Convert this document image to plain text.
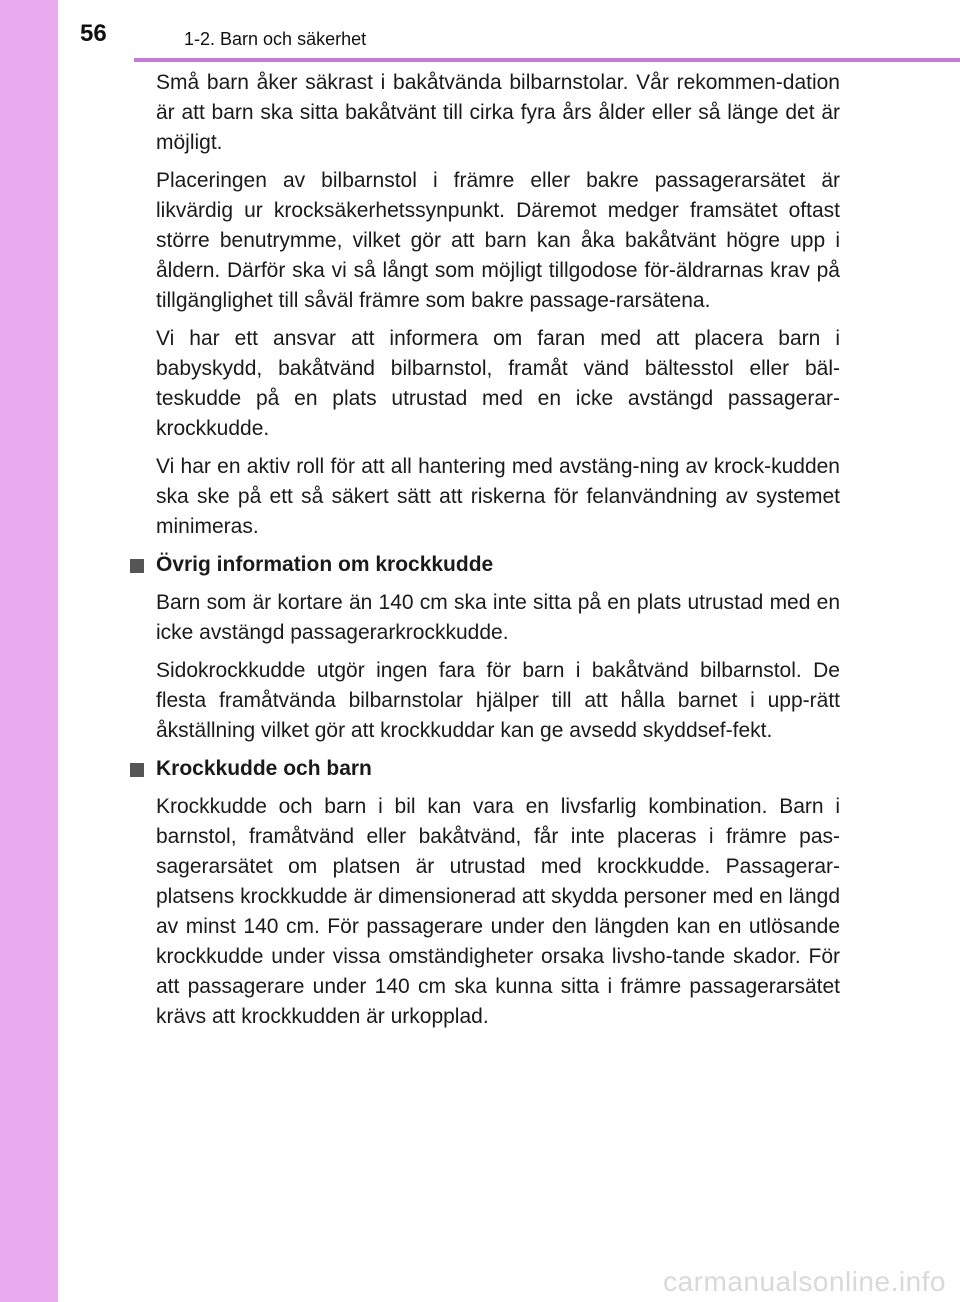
56	1-2. Barn och säkerhet

Små barn åker säkrast i bakåtvända bilbarnstolar. Vår rekommen-dation är att barn ska sitta bakåtvänt till cirka fyra års ålder eller så länge det är möjligt.

Placeringen av bilbarnstol i främre eller bakre passagerarsätet är likvärdig ur krocksäkerhetssynpunkt. Däremot medger framsätet oftast större benutrymme, vilket gör att barn kan åka bakåtvänt högre upp i åldern. Därför ska vi så långt som möjligt tillgodose för-äldrarnas krav på tillgänglighet till såväl främre som bakre passage-rarsätena.

Vi har ett ansvar att informera om faran med att placera barn i babyskydd, bakåtvänd bilbarnstol, framåt vänd bältesstol eller bäl-teskudde på en plats utrustad med en icke avstängd passagerar-krockkudde.

Vi har en aktiv roll för att all hantering med avstäng-ning av krock-kudden ska ske på ett så säkert sätt att riskerna för felanvändning av systemet minimeras.

Övrig information om krockkudde

Barn som är kortare än 140 cm ska inte sitta på en plats utrustad med en icke avstängd passagerarkrockkudde.

Sidokrockkudde utgör ingen fara för barn i bakåtvänd bilbarnstol. De flesta framåtvända bilbarnstolar hjälper till att hålla barnet i upp-rätt åkställning vilket gör att krockkuddar kan ge avsedd skyddsef-fekt.

Krockkudde och barn

Krockkudde och barn i bil kan vara en livsfarlig kombination. Barn i barnstol, framåtvänd eller bakåtvänd, får inte placeras i främre pas-sagerarsätet om platsen är utrustad med krockkudde. Passagerar-platsens krockkudde är dimensionerad att skydda personer med en längd av minst 140 cm. För passagerare under den längden kan en utlösande krockkudde under vissa omständigheter orsaka livsho-tande skador. För att passagerare under 140 cm ska kunna sitta i främre passagerarsätet krävs att krockkudden är urkopplad.

carmanualsonline.info
